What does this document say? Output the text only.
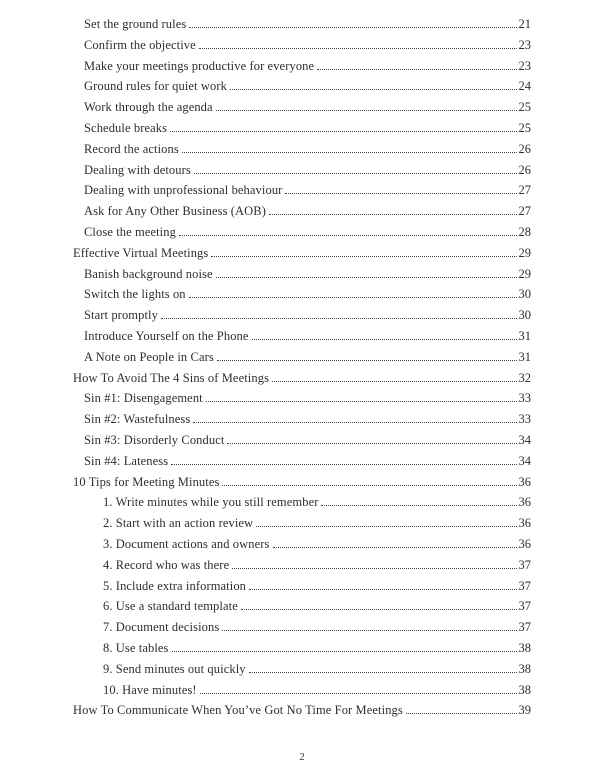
Set the ground rules	21
Confirm the objective	23
Make your meetings productive for everyone	23
Ground rules for quiet work	24
Work through the agenda	25
Schedule breaks	25
Record the actions	26
Dealing with detours	26
Dealing with unprofessional behaviour	27
Ask for Any Other Business (AOB)	27
Close the meeting	28
Effective Virtual Meetings	29
Banish background noise	29
Switch the lights on	30
Start promptly	30
Introduce Yourself on the Phone	31
A Note on People in Cars	31
How To Avoid The 4 Sins of Meetings	32
Sin #1: Disengagement	33
Sin #2: Wastefulness	33
Sin #3: Disorderly Conduct	34
Sin #4: Lateness	34
10 Tips for Meeting Minutes	36
1. Write minutes while you still remember	36
2. Start with an action review	36
3. Document actions and owners	36
4. Record who was there	37
5. Include extra information	37
6. Use a standard template	37
7. Document decisions	37
8. Use tables	38
9. Send minutes out quickly	38
10. Have minutes!	38
How To Communicate When You’ve Got No Time For Meetings	39
2
